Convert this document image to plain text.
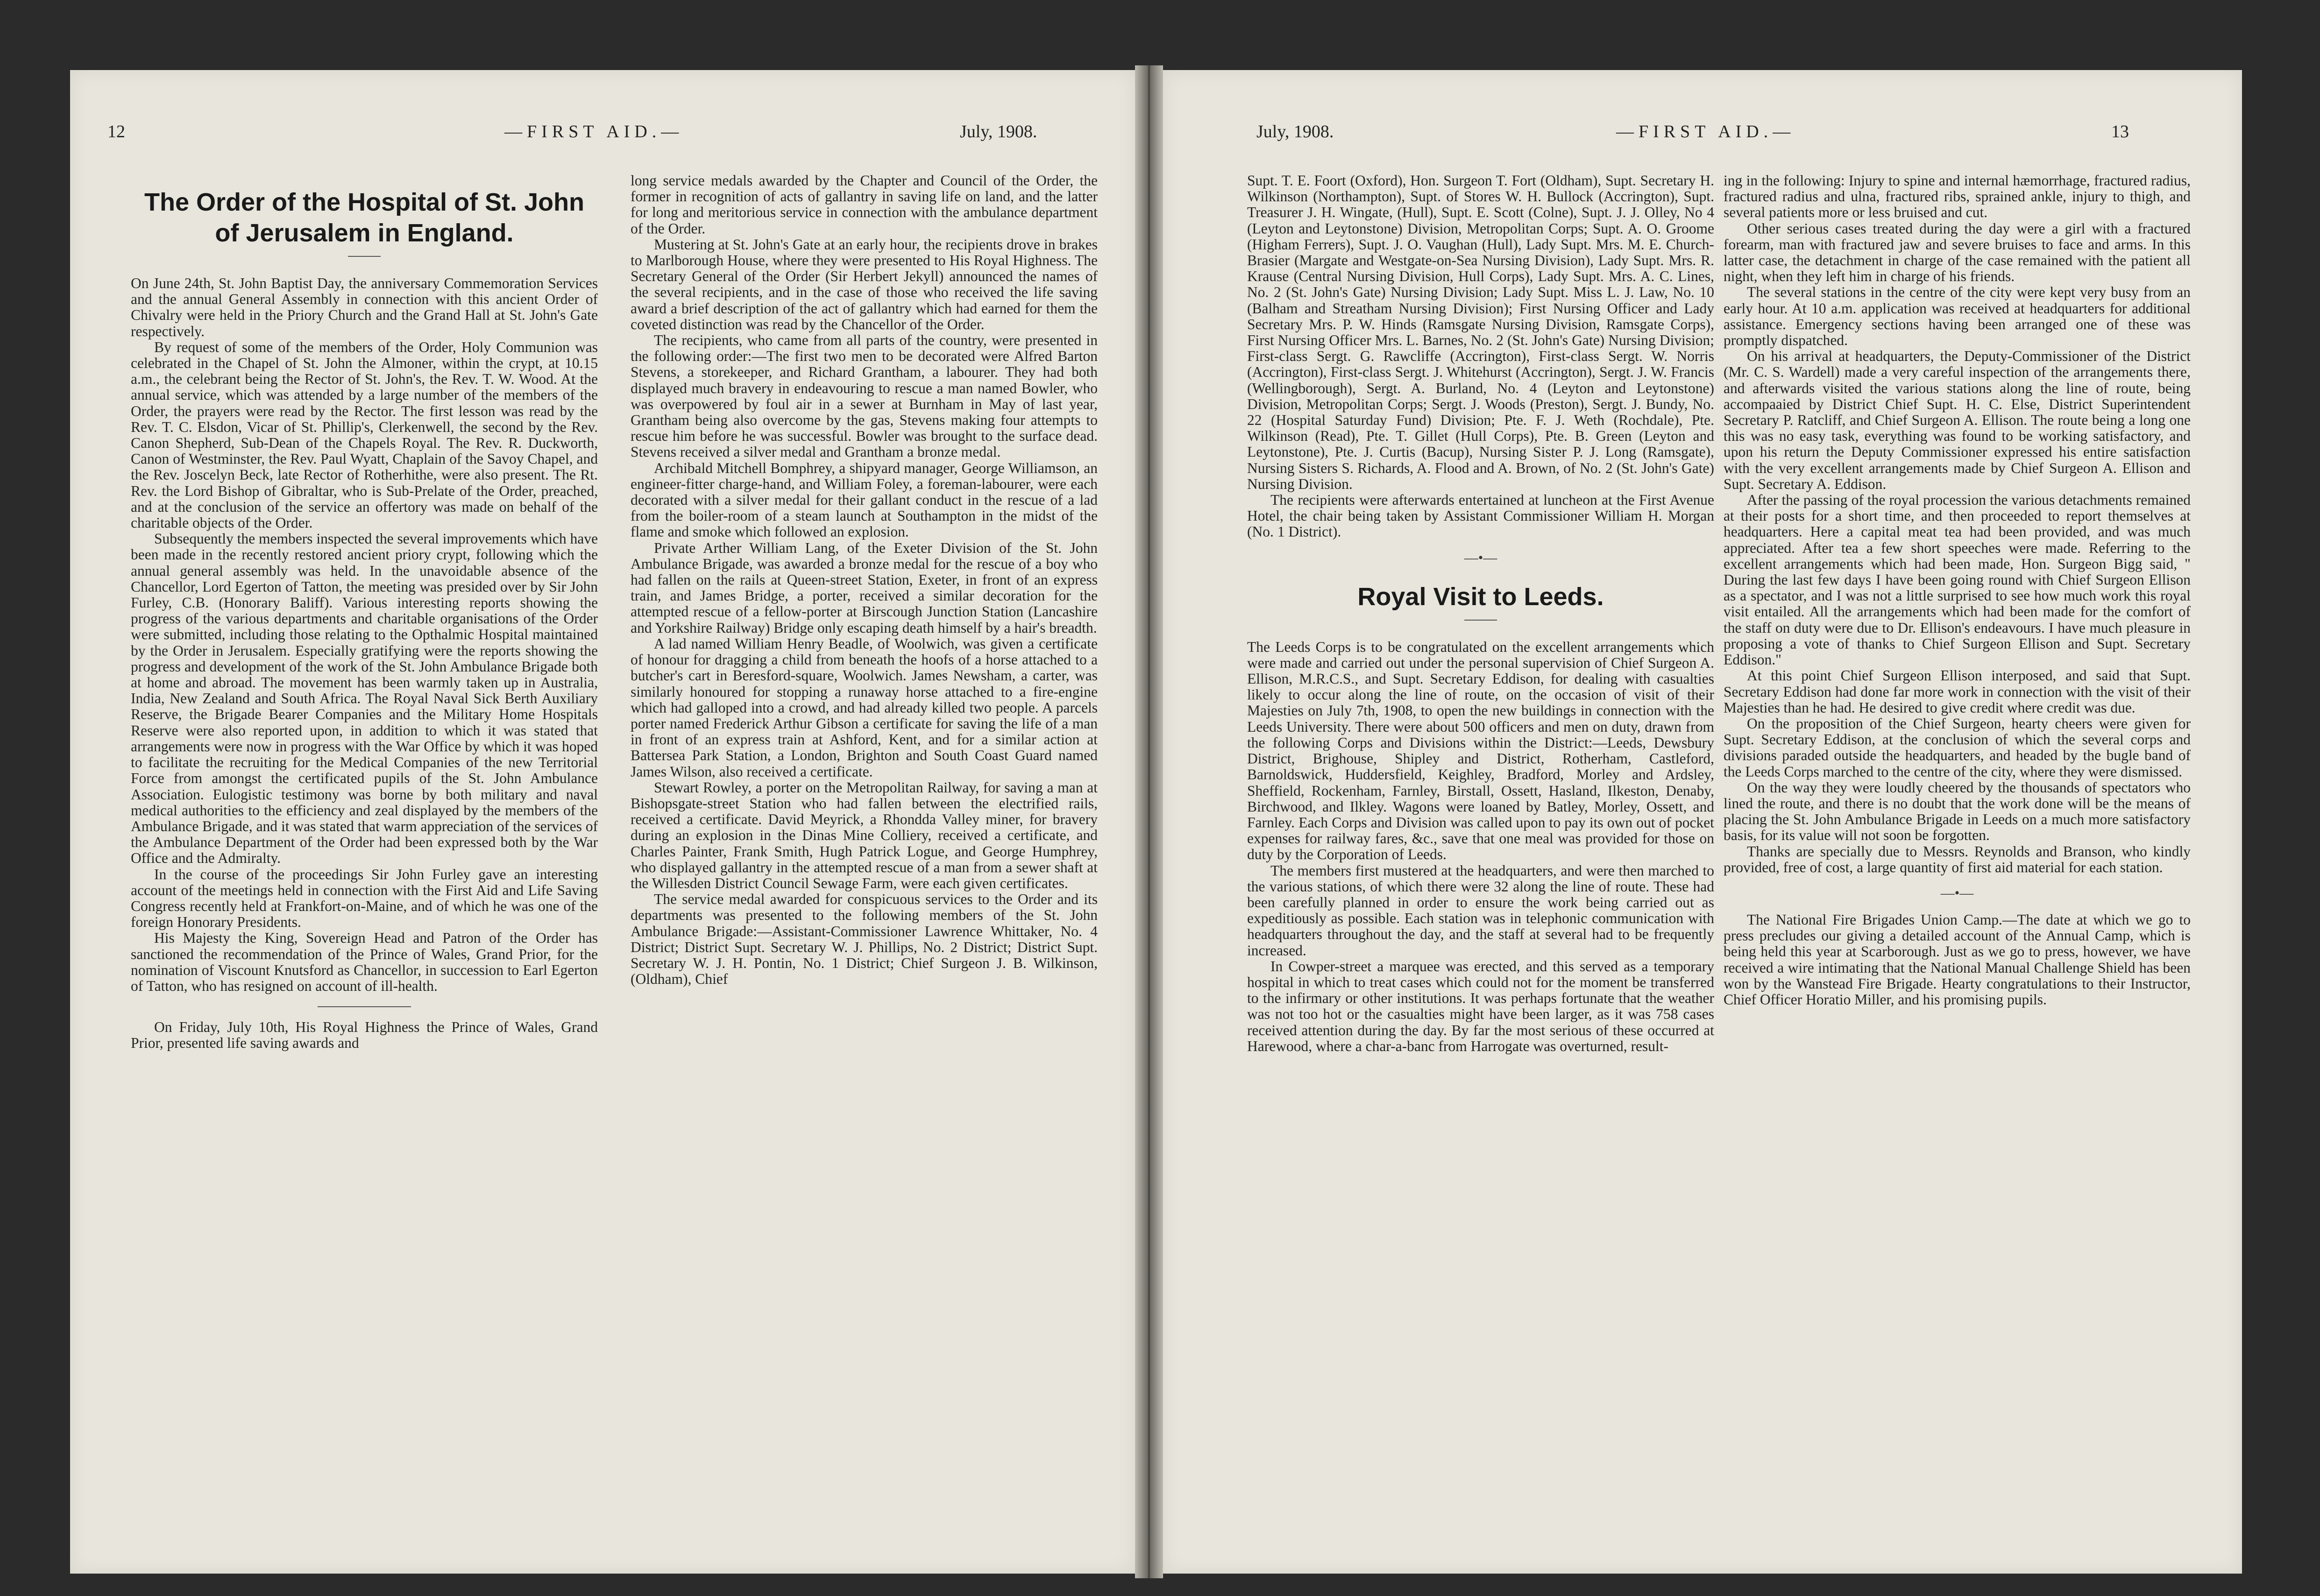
12	—FIRST AID.—	July, 1908.
The Order of the Hospital of St. John of Jerusalem in England.

On June 24th, St. John Baptist Day, the anniversary Commemoration Services and the annual General Assembly in connection with this ancient Order of Chivalry were held in the Priory Church and the Grand Hall at St. John's Gate respectively.

By request of some of the members of the Order, Holy Communion was celebrated in the Chapel of St. John the Almoner, within the crypt, at 10.15 a.m., the celebrant being the Rector of St. John's, the Rev. T. W. Wood. At the annual service, which was attended by a large number of the members of the Order, the prayers were read by the Rector. The first lesson was read by the Rev. T. C. Elsdon, Vicar of St. Phillip's, Clerkenwell, the second by the Rev. Canon Shepherd, Sub-Dean of the Chapels Royal. The Rev. R. Duckworth, Canon of Westminster, the Rev. Paul Wyatt, Chaplain of the Savoy Chapel, and the Rev. Joscelyn Beck, late Rector of Rotherhithe, were also present. The Rt. Rev. the Lord Bishop of Gibraltar, who is Sub-Prelate of the Order, preached, and at the conclusion of the service an offertory was made on behalf of the charitable objects of the Order.

Subsequently the members inspected the several improvements which have been made in the recently restored ancient priory crypt, following which the annual general assembly was held. In the unavoidable absence of the Chancellor, Lord Egerton of Tatton, the meeting was presided over by Sir John Furley, C.B. (Honorary Baliff). Various interesting reports showing the progress of the various departments and charitable organisations of the Order were submitted, including those relating to the Opthalmic Hospital maintained by the Order in Jerusalem. Especially gratifying were the reports showing the progress and development of the work of the St. John Ambulance Brigade both at home and abroad. The movement has been warmly taken up in Australia, India, New Zealand and South Africa. The Royal Naval Sick Berth Auxiliary Reserve, the Brigade Bearer Companies and the Military Home Hospitals Reserve were also reported upon, in addition to which it was stated that arrangements were now in progress with the War Office by which it was hoped to facilitate the recruiting for the Medical Companies of the new Territorial Force from amongst the certificated pupils of the St. John Ambulance Association. Eulogistic testimony was borne by both military and naval medical authorities to the efficiency and zeal displayed by the members of the Ambulance Brigade, and it was stated that warm appreciation of the services of the Ambulance Department of the Order had been expressed both by the War Office and the Admiralty.

In the course of the proceedings Sir John Furley gave an interesting account of the meetings held in connection with the First Aid and Life Saving Congress recently held at Frankfort-on-Maine, and of which he was one of the foreign Honorary Presidents.

His Majesty the King, Sovereign Head and Patron of the Order has sanctioned the recommendation of the Prince of Wales, Grand Prior, for the nomination of Viscount Knutsford as Chancellor, in succession to Earl Egerton of Tatton, who has resigned on account of ill-health.

On Friday, July 10th, His Royal Highness the Prince of Wales, Grand Prior, presented life saving awards and

long service medals awarded by the Chapter and Council of the Order, the former in recognition of acts of gallantry in saving life on land, and the latter for long and meritorious service in connection with the ambulance department of the Order.

Mustering at St. John's Gate at an early hour, the recipients drove in brakes to Marlborough House, where they were presented to His Royal Highness. The Secretary General of the Order (Sir Herbert Jekyll) announced the names of the several recipients, and in the case of those who received the life saving award a brief description of the act of gallantry which had earned for them the coveted distinction was read by the Chancellor of the Order.

The recipients, who came from all parts of the country, were presented in the following order:—The first two men to be decorated were Alfred Barton Stevens, a storekeeper, and Richard Grantham, a labourer. They had both displayed much bravery in endeavouring to rescue a man named Bowler, who was overpowered by foul air in a sewer at Burnham in May of last year, Grantham being also overcome by the gas, Stevens making four attempts to rescue him before he was successful. Bowler was brought to the surface dead. Stevens received a silver medal and Grantham a bronze medal.

Archibald Mitchell Bomphrey, a shipyard manager, George Williamson, an engineer-fitter charge-hand, and William Foley, a foreman-labourer, were each decorated with a silver medal for their gallant conduct in the rescue of a lad from the boiler-room of a steam launch at Southampton in the midst of the flame and smoke which followed an explosion.

Private Arther William Lang, of the Exeter Division of the St. John Ambulance Brigade, was awarded a bronze medal for the rescue of a boy who had fallen on the rails at Queen-street Station, Exeter, in front of an express train, and James Bridge, a porter, received a similar decoration for the attempted rescue of a fellow-porter at Birscough Junction Station (Lancashire and Yorkshire Railway) Bridge only escaping death himself by a hair's breadth.

A lad named William Henry Beadle, of Woolwich, was given a certificate of honour for dragging a child from beneath the hoofs of a horse attached to a butcher's cart in Beresford-square, Woolwich. James Newsham, a carter, was similarly honoured for stopping a runaway horse attached to a fire-engine which had galloped into a crowd, and had already killed two people. A parcels porter named Frederick Arthur Gibson a certificate for saving the life of a man in front of an express train at Ashford, Kent, and for a similar action at Battersea Park Station, a London, Brighton and South Coast Guard named James Wilson, also received a certificate.

Stewart Rowley, a porter on the Metropolitan Railway, for saving a man at Bishopsgate-street Station who had fallen between the electrified rails, received a certificate. David Meyrick, a Rhondda Valley miner, for bravery during an explosion in the Dinas Mine Colliery, received a certificate, and Charles Painter, Frank Smith, Hugh Patrick Logue, and George Humphrey, who displayed gallantry in the attempted rescue of a man from a sewer shaft at the Willesden District Council Sewage Farm, were each given certificates.

The service medal awarded for conspicuous services to the Order and its departments was presented to the following members of the St. John Ambulance Brigade:—Assistant-Commissioner Lawrence Whittaker, No. 4 District; District Supt. Secretary W. J. Phillips, No. 2 District; District Supt. Secretary W. J. H. Pontin, No. 1 District; Chief Surgeon J. B. Wilkinson, (Oldham), Chief

July, 1908.	—FIRST AID.—	13

Supt. T. E. Foort (Oxford), Hon. Surgeon T. Fort (Oldham), Supt. Secretary H. Wilkinson (Northampton), Supt. of Stores W. H. Bullock (Accrington), Supt. Treasurer J. H. Wingate, (Hull), Supt. E. Scott (Colne), Supt. J. J. Olley, No 4 (Leyton and Leytonstone) Division, Metropolitan Corps; Supt. A. O. Groome (Higham Ferrers), Supt. J. O. Vaughan (Hull), Lady Supt. Mrs. M. E. Church-Brasier (Margate and Westgate-on-Sea Nursing Division), Lady Supt. Mrs. R. Krause (Central Nursing Division, Hull Corps), Lady Supt. Mrs. A. C. Lines, No. 2 (St. John's Gate) Nursing Division; Lady Supt. Miss L. J. Law, No. 10 (Balham and Streatham Nursing Division); First Nursing Officer and Lady Secretary Mrs. P. W. Hinds (Ramsgate Nursing Division, Ramsgate Corps), First Nursing Officer Mrs. L. Barnes, No. 2 (St. John's Gate) Nursing Division; First-class Sergt. G. Rawcliffe (Accrington), First-class Sergt. W. Norris (Accrington), First-class Sergt. J. Whitehurst (Accrington), Sergt. J. W. Francis (Wellingborough), Sergt. A. Burland, No. 4 (Leyton and Leytonstone) Division, Metropolitan Corps; Sergt. J. Woods (Preston), Sergt. J. Bundy, No. 22 (Hospital Saturday Fund) Division; Pte. F. J. Weth (Rochdale), Pte. Wilkinson (Read), Pte. T. Gillet (Hull Corps), Pte. B. Green (Leyton and Leytonstone), Pte. J. Curtis (Bacup), Nursing Sister P. J. Long (Ramsgate), Nursing Sisters S. Richards, A. Flood and A. Brown, of No. 2 (St. John's Gate) Nursing Division.

The recipients were afterwards entertained at luncheon at the First Avenue Hotel, the chair being taken by Assistant Commissioner William H. Morgan (No. 1 District).

—•—
Royal Visit to Leeds.

The Leeds Corps is to be congratulated on the excellent arrangements which were made and carried out under the personal supervision of Chief Surgeon A. Ellison, M.R.C.S., and Supt. Secretary Eddison, for dealing with casualties likely to occur along the line of route, on the occasion of visit of their Majesties on July 7th, 1908, to open the new buildings in connection with the Leeds University. There were about 500 officers and men on duty, drawn from the following Corps and Divisions within the District:—Leeds, Dewsbury District, Brighouse, Shipley and District, Rotherham, Castleford, Barnoldswick, Huddersfield, Keighley, Bradford, Morley and Ardsley, Sheffield, Rockenham, Farnley, Birstall, Ossett, Hasland, Ilkeston, Denaby, Birchwood, and Ilkley. Wagons were loaned by Batley, Morley, Ossett, and Farnley. Each Corps and Division was called upon to pay its own out of pocket expenses for railway fares, &c., save that one meal was provided for those on duty by the Corporation of Leeds.

The members first mustered at the headquarters, and were then marched to the various stations, of which there were 32 along the line of route. These had been carefully planned in order to ensure the work being carried out as expeditiously as possible. Each station was in telephonic communication with headquarters throughout the day, and the staff at several had to be frequently increased.

In Cowper-street a marquee was erected, and this served as a temporary hospital in which to treat cases which could not for the moment be transferred to the infirmary or other institutions. It was perhaps fortunate that the weather was not too hot or the casualties might have been larger, as it was 758 cases received attention during the day. By far the most serious of these occurred at Harewood, where a char-a-banc from Harrogate was overturned, result-

ing in the following: Injury to spine and internal hæmorrhage, fractured radius, fractured radius and ulna, fractured ribs, sprained ankle, injury to thigh, and several patients more or less bruised and cut.

Other serious cases treated during the day were a girl with a fractured forearm, man with fractured jaw and severe bruises to face and arms. In this latter case, the detachment in charge of the case remained with the patient all night, when they left him in charge of his friends.

The several stations in the centre of the city were kept very busy from an early hour. At 10 a.m. application was received at headquarters for additional assistance. Emergency sections having been arranged one of these was promptly dispatched.

On his arrival at headquarters, the Deputy-Commissioner of the District (Mr. C. S. Wardell) made a very careful inspection of the arrangements there, and afterwards visited the various stations along the line of route, being accompaaied by District Chief Supt. H. C. Else, District Superintendent Secretary P. Ratcliff, and Chief Surgeon A. Ellison. The route being a long one this was no easy task, everything was found to be working satisfactory, and upon his return the Deputy Commissioner expressed his entire satisfaction with the very excellent arrangements made by Chief Surgeon A. Ellison and Supt. Secretary A. Eddison.

After the passing of the royal procession the various detachments remained at their posts for a short time, and then proceeded to report themselves at headquarters. Here a capital meat tea had been provided, and was much appreciated. After tea a few short speeches were made. Referring to the excellent arrangements which had been made, Hon. Surgeon Bigg said, " During the last few days I have been going round with Chief Surgeon Ellison as a spectator, and I was not a little surprised to see how much work this royal visit entailed. All the arrangements which had been made for the comfort of the staff on duty were due to Dr. Ellison's endeavours. I have much pleasure in proposing a vote of thanks to Chief Surgeon Ellison and Supt. Secretary Eddison."

At this point Chief Surgeon Ellison interposed, and said that Supt. Secretary Eddison had done far more work in connection with the visit of their Majesties than he had. He desired to give credit where credit was due.

On the proposition of the Chief Surgeon, hearty cheers were given for Supt. Secretary Eddison, at the conclusion of which the several corps and divisions paraded outside the headquarters, and headed by the bugle band of the Leeds Corps marched to the centre of the city, where they were dismissed.

On the way they were loudly cheered by the thousands of spectators who lined the route, and there is no doubt that the work done will be the means of placing the St. John Ambulance Brigade in Leeds on a much more satisfactory basis, for its value will not soon be forgotten.

Thanks are specially due to Messrs. Reynolds and Branson, who kindly provided, free of cost, a large quantity of first aid material for each station.

—•—

The National Fire Brigades Union Camp.—The date at which we go to press precludes our giving a detailed account of the Annual Camp, which is being held this year at Scarborough. Just as we go to press, however, we have received a wire intimating that the National Manual Challenge Shield has been won by the Wanstead Fire Brigade. Hearty congratulations to their Instructor, Chief Officer Horatio Miller, and his promising pupils.
